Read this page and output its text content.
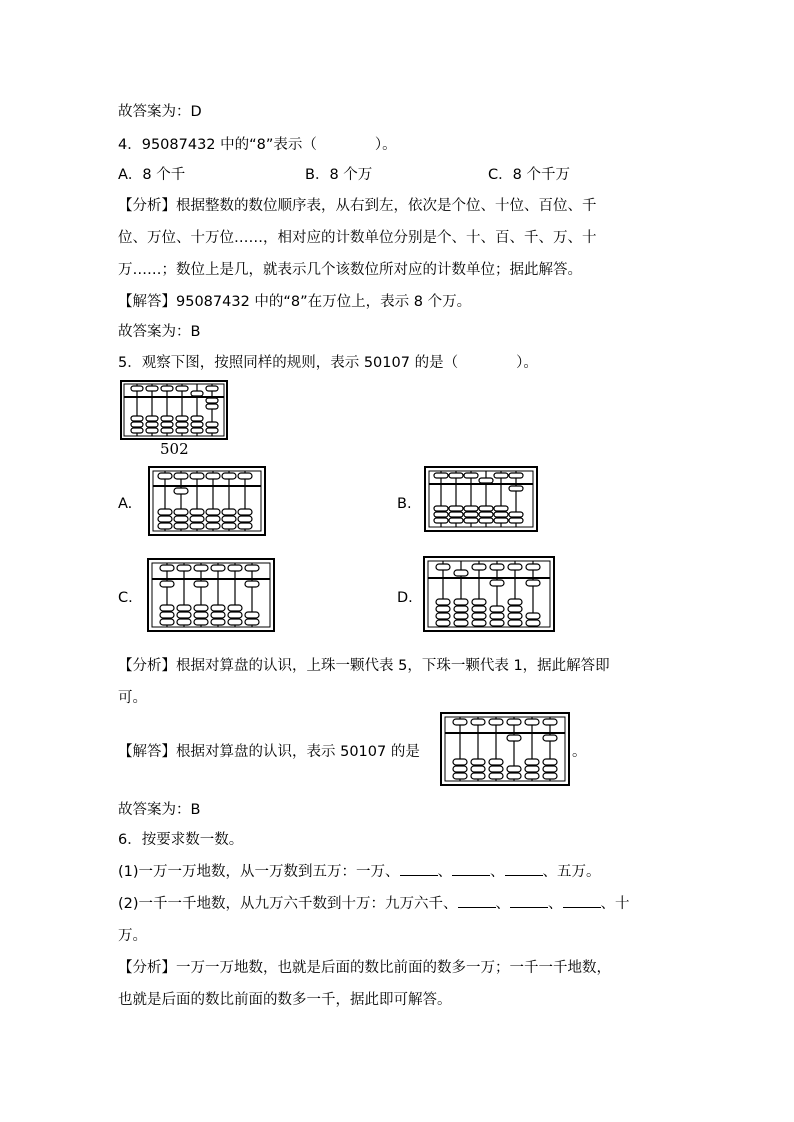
故答案为：D
4．95087432 中的“8”表示（　　　　）。
A．8 个千	B．8 个万	C．8 个千万
【分析】根据整数的数位顺序表，从右到左，依次是个位、十位、百位、千
位、万位、十万位……，相对应的计数单位分别是个、十、百、千、万、十
万……；数位上是几，就表示几个该数位所对应的计数单位；据此解答。
【解答】95087432 中的“8”在万位上，表示 8 个万。
故答案为：B
5．观察下图，按照同样的规则，表示 50107 的是（　　　　）。
502
A.	B.
C.	D.
【分析】根据对算盘的认识，上珠一颗代表 5，下珠一颗代表 1，据此解答即
可。
【解答】根据对算盘的认识，表示 50107 的是	。
故答案为：B
6．按要求数一数。
(1)一万一万地数，从一万数到五万：一万、	、	、	、五万。
(2)一千一千地数，从九万六千数到十万：九万六千、	、	、	、十
万。
【分析】一万一万地数，也就是后面的数比前面的数多一万；一千一千地数，
也就是后面的数比前面的数多一千，据此即可解答。
